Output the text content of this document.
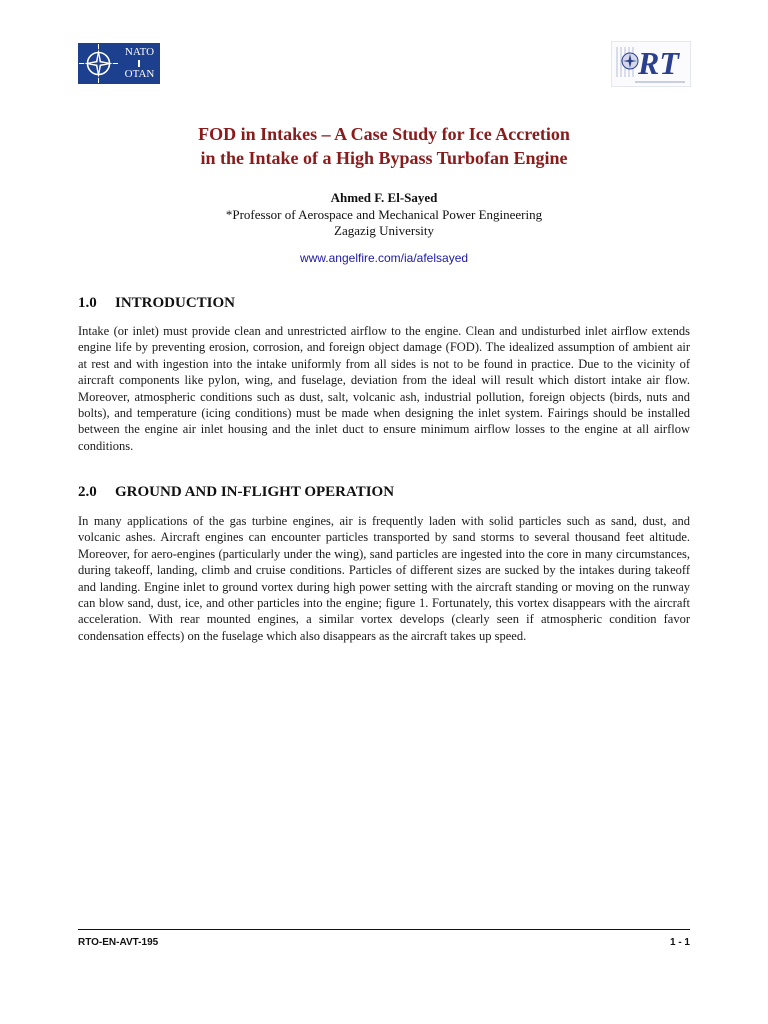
NATO
OTAN	RT
FOD in Intakes – A Case Study for Ice Accretion
in the Intake of a High Bypass Turbofan Engine
Ahmed F. El-Sayed
*Professor of Aerospace and Mechanical Power Engineering
Zagazig University
www.angelfire.com/ia/afelsayed
1.0 INTRODUCTION

Intake (or inlet) must provide clean and unrestricted airflow to the engine. Clean and undisturbed inlet airflow extends engine life by preventing erosion, corrosion, and foreign object damage (FOD). The idealized assumption of ambient air at rest and with ingestion into the intake uniformly from all sides is not to be found in practice. Due to the vicinity of aircraft components like pylon, wing, and fuselage, deviation from the ideal will result which distort intake air flow. Moreover, atmospheric conditions such as dust, salt, volcanic ash, industrial pollution, foreign objects (birds, nuts and bolts), and temperature (icing conditions) must be made when designing the inlet system. Fairings should be installed between the engine air inlet housing and the inlet duct to ensure minimum airflow losses to the engine at all airflow conditions.

2.0 GROUND AND IN-FLIGHT OPERATION

In many applications of the gas turbine engines, air is frequently laden with solid particles such as sand, dust, and volcanic ashes. Aircraft engines can encounter particles transported by sand storms to several thousand feet altitude. Moreover, for aero-engines (particularly under the wing), sand particles are ingested into the core in many circumstances, during takeoff, landing, climb and cruise conditions. Particles of different sizes are sucked by the intakes during takeoff and landing. Engine inlet to ground vortex during high power setting with the aircraft standing or moving on the runway can blow sand, dust, ice, and other particles into the engine; figure 1. Fortunately, this vortex disappears with the aircraft acceleration. With rear mounted engines, a similar vortex develops (clearly seen if atmospheric condition favor condensation effects) on the fuselage which also disappears as the aircraft takes up speed.

RTO-EN-AVT-195	1 - 1
